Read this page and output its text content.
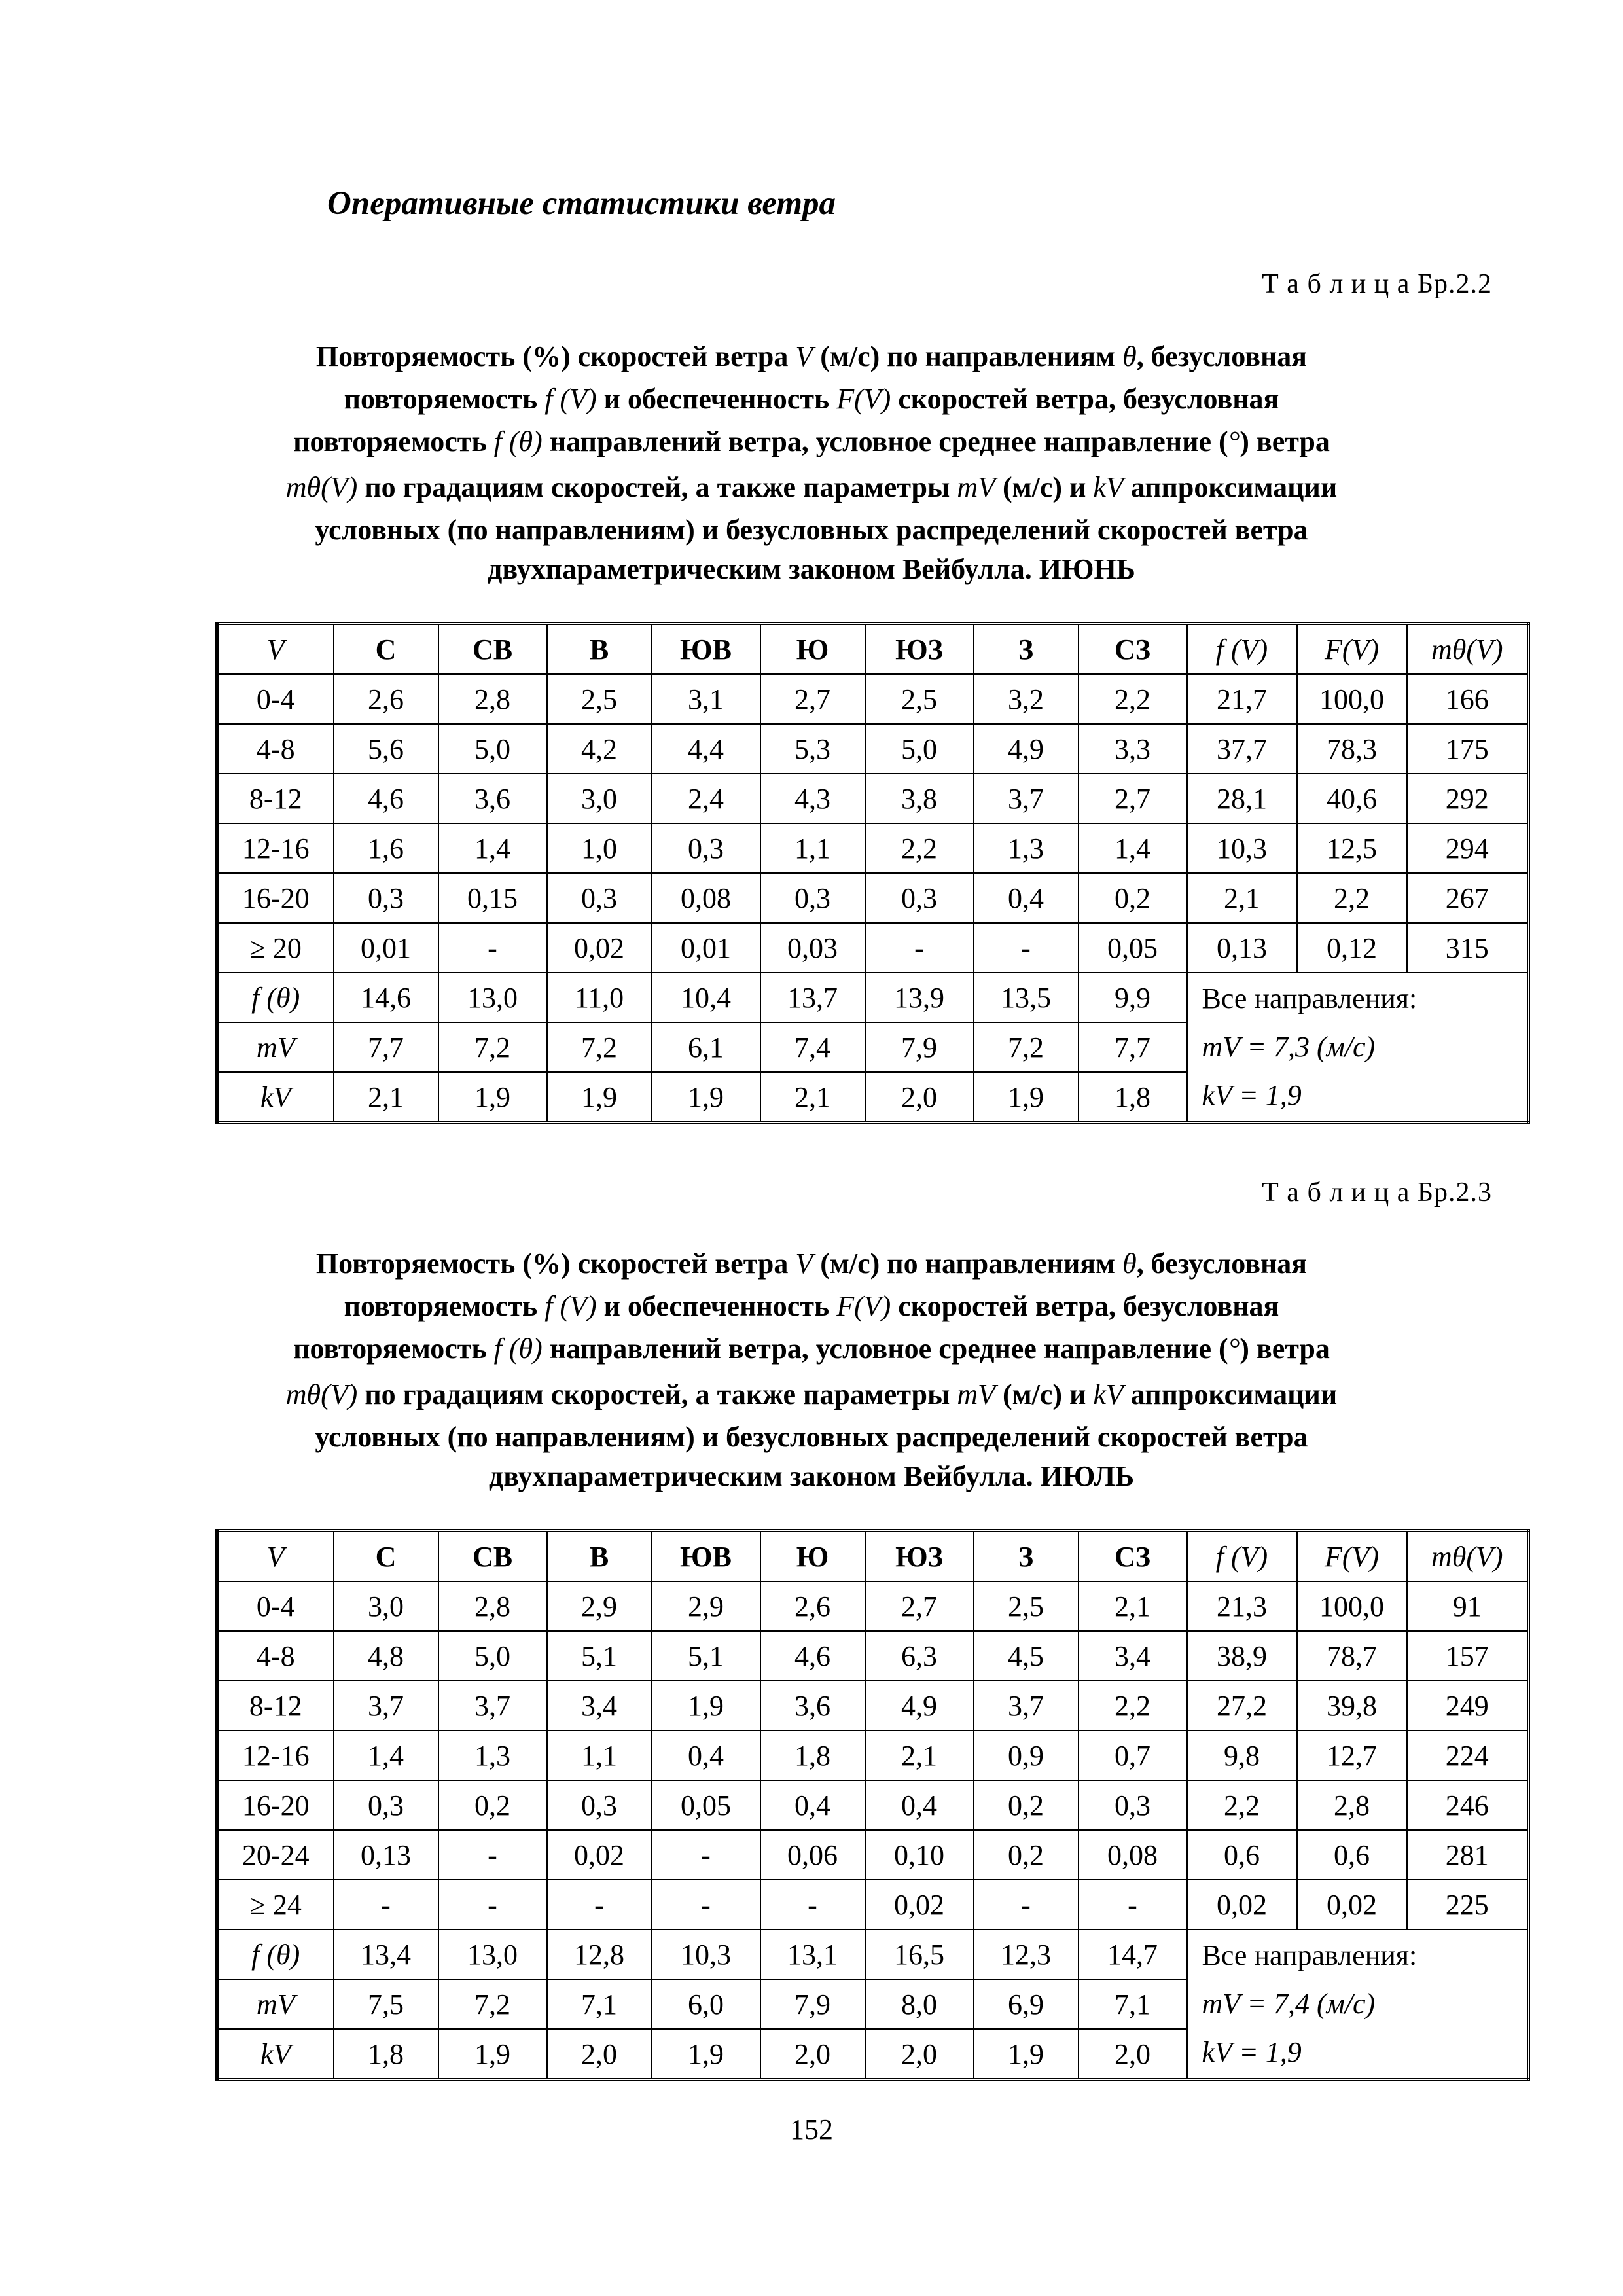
Оперативные статистики ветра
Т а б л и ц а Бр.2.2
Повторяемость (%) скоростей ветра V (м/с) по направлениям θ, безусловная
повторяемость f (V) и обеспеченность F(V) скоростей ветра, безусловная
повторяемость f (θ) направлений ветра, условное среднее направление (°) ветра
mθ(V) по градациям скоростей, а также параметры mV (м/с) и kV аппроксимации
условных (по направлениям) и безусловных распределений скоростей ветра
двухпараметрическим законом Вейбулла. ИЮНЬ
V	С	СВ	В	ЮВ	Ю	ЮЗ	З	СЗ	f (V)	F(V)	mθ(V)
0-4	2,6	2,8	2,5	3,1	2,7	2,5	3,2	2,2	21,7	100,0	166
4-8	5,6	5,0	4,2	4,4	5,3	5,0	4,9	3,3	37,7	78,3	175
8-12	4,6	3,6	3,0	2,4	4,3	3,8	3,7	2,7	28,1	40,6	292
12-16	1,6	1,4	1,0	0,3	1,1	2,2	1,3	1,4	10,3	12,5	294
16-20	0,3	0,15	0,3	0,08	0,3	0,3	0,4	0,2	2,1	2,2	267
≥ 20	0,01	-	0,02	0,01	0,03	-	-	0,05	0,13	0,12	315
f (θ)	14,6	13,0	11,0	10,4	13,7	13,9	13,5	9,9	Все направления:
mV = 7,3 (м/с)
kV = 1,9		

mV	7,7	7,2	7,2	6,1	7,4	7,9	7,2	7,7			
kV	2,1	1,9	1,9	1,9	2,1	2,0	1,9	1,8			
Т а б л и ц а Бр.2.3
Повторяемость (%) скоростей ветра V (м/с) по направлениям θ, безусловная
повторяемость f (V) и обеспеченность F(V) скоростей ветра, безусловная
повторяемость f (θ) направлений ветра, условное среднее направление (°) ветра
mθ(V) по градациям скоростей, а также параметры mV (м/с) и kV аппроксимации
условных (по направлениям) и безусловных распределений скоростей ветра
двухпараметрическим законом Вейбулла. ИЮЛЬ
V	С	СВ	В	ЮВ	Ю	ЮЗ	З	СЗ	f (V)	F(V)	mθ(V)
0-4	3,0	2,8	2,9	2,9	2,6	2,7	2,5	2,1	21,3	100,0	91
4-8	4,8	5,0	5,1	5,1	4,6	6,3	4,5	3,4	38,9	78,7	157
8-12	3,7	3,7	3,4	1,9	3,6	4,9	3,7	2,2	27,2	39,8	249
12-16	1,4	1,3	1,1	0,4	1,8	2,1	0,9	0,7	9,8	12,7	224
16-20	0,3	0,2	0,3	0,05	0,4	0,4	0,2	0,3	2,2	2,8	246
20-24	0,13	-	0,02	-	0,06	0,10	0,2	0,08	0,6	0,6	281
≥ 24	-	-	-	-	-	0,02	-	-	0,02	0,02	225
f (θ)	13,4	13,0	12,8	10,3	13,1	16,5	12,3	14,7	Все направления:
mV = 7,4 (м/с)
kV = 1,9		

mV	7,5	7,2	7,1	6,0	7,9	8,0	6,9	7,1			
kV	1,8	1,9	2,0	1,9	2,0	2,0	1,9	2,0			
152
